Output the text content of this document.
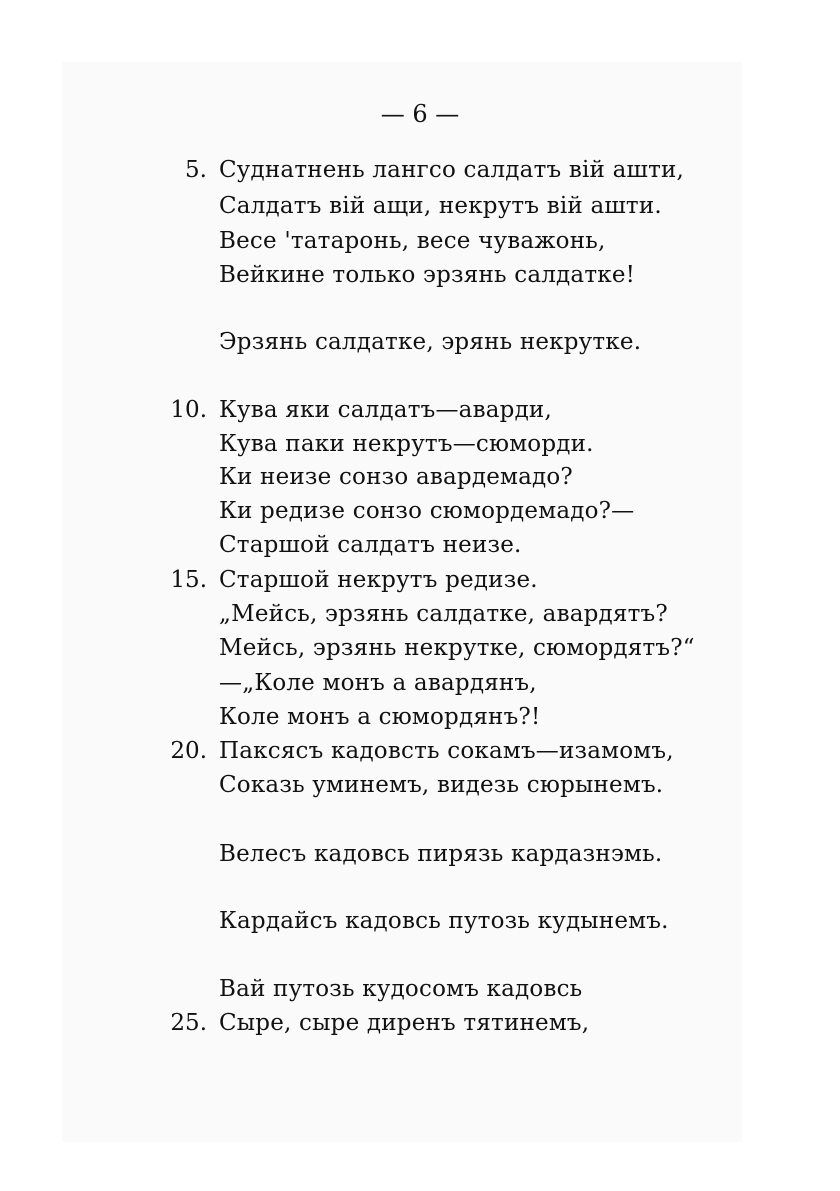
— 6 —
5. Суднатнень лангсо салдатъ вій ашти,
Салдатъ вій ащи, некрутъ вій ашти.
Весе 'татаронь, весе чуважонь,
Вейкине только эрзянь салдатке!
Эрзянь салдатке, эрянь некрутке.
10. Кува яки салдатъ—аварди,
Кува паки некрутъ—сюморди.
Ки неизе сонзо авардемадо?
Ки редизе сонзо сюмордемадо?—
Старшой салдатъ неизе.
15. Старшой некрутъ редизе.
„Мейсь, эрзянь салдатке, авардятъ?
Мейсь, эрзянь некрутке, сюмордятъ?“
—„Коле монъ а авардянъ,
Коле монъ а сюмордянъ?!
20. Паксясъ кадовсть сокамъ—изамомъ,
Соказь уминемъ, видезь сюрынемъ.
Велесъ кадовсь пирязь кардазнэмь.
Кардайсъ кадовсь путозь кудынемъ.
Вай путозь кудосомъ кадовсь
25. Сыре, сыре диренъ тятинемъ,
